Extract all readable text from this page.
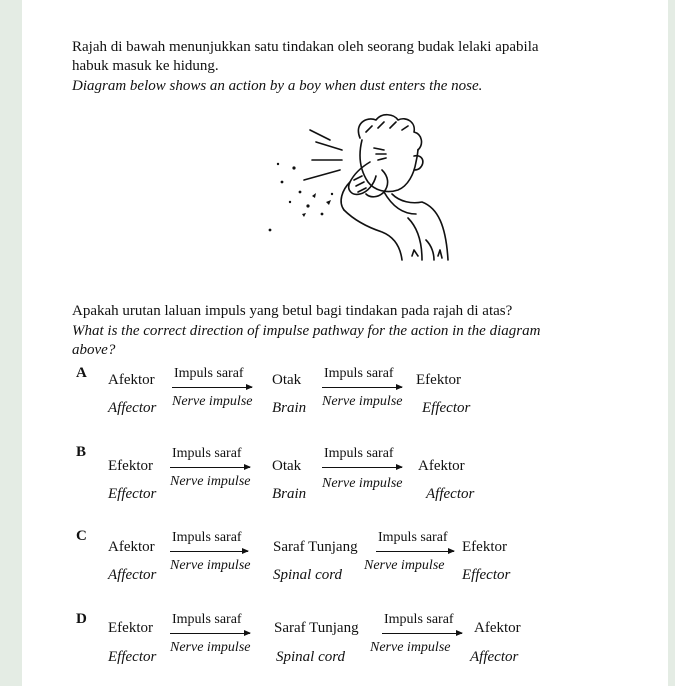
Rajah di bawah menunjukkan satu tindakan oleh seorang budak lelaki apabila
habuk masuk ke hidung.
Diagram below shows an action by a boy when dust enters the nose.
Apakah urutan laluan impuls yang betul bagi tindakan pada rajah di atas?
What is the correct direction of impulse pathway for the action in the diagram
above?
A Afektor
Affector
Impuls saraf
Nerve impulse
Otak
Brain
Impuls saraf
Nerve impulse
Efektor
Effector
B
Efektor
Effector
Impuls saraf
Nerve impulse
Otak
Brain
Impuls saraf
Nerve impulse
Afektor
Affector
C
Afektor
Affector
Impuls saraf
Nerve impulse
Saraf Tunjang
Spinal cord
Impuls saraf
Nerve impulse
Efektor
Effector
D
Efektor
Effector
Impuls saraf
Nerve impulse
Saraf Tunjang
Spinal cord
Impuls saraf
Nerve impulse
Afektor
Affector
